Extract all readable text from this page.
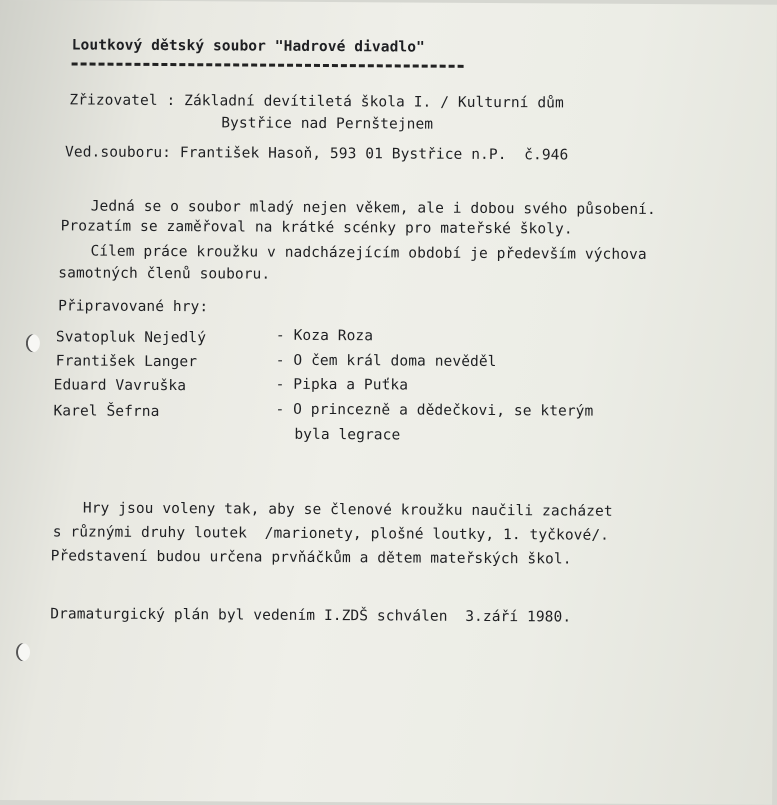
Loutkový dětský soubor "Hadrové divadlo"
Zřizovatel : Základní devítiletá škola I. / Kulturní dům
Bystřice nad Pernštejnem
Ved.souboru: František Hasoň, 593 01 Bystřice n.P.  č.946
Jedná se o soubor mladý nejen věkem, ale i dobou svého působení.
Prozatím se zaměřoval na krátké scénky pro mateřské školy.
Cílem práce kroužku v nadcházejícím období je především výchova
samotných členů souboru.
Připravované hry:
Svatopluk Nejedlý	- Koza Roza
František Langer	- O čem král doma nevěděl
Eduard Vavruška	- Pipka a Puťka
Karel Šefrna	- O princezně a dědečkovi, se kterým
byla legrace
Hry jsou voleny tak, aby se členové kroužku naučili zacházet
s různými druhy loutek  /marionety, plošné loutky, 1. tyčkové/.
Představení budou určena prvňáčkům a dětem mateřských škol.
Dramaturgický plán byl vedením I.ZDŠ schválen  3.září 1980.
